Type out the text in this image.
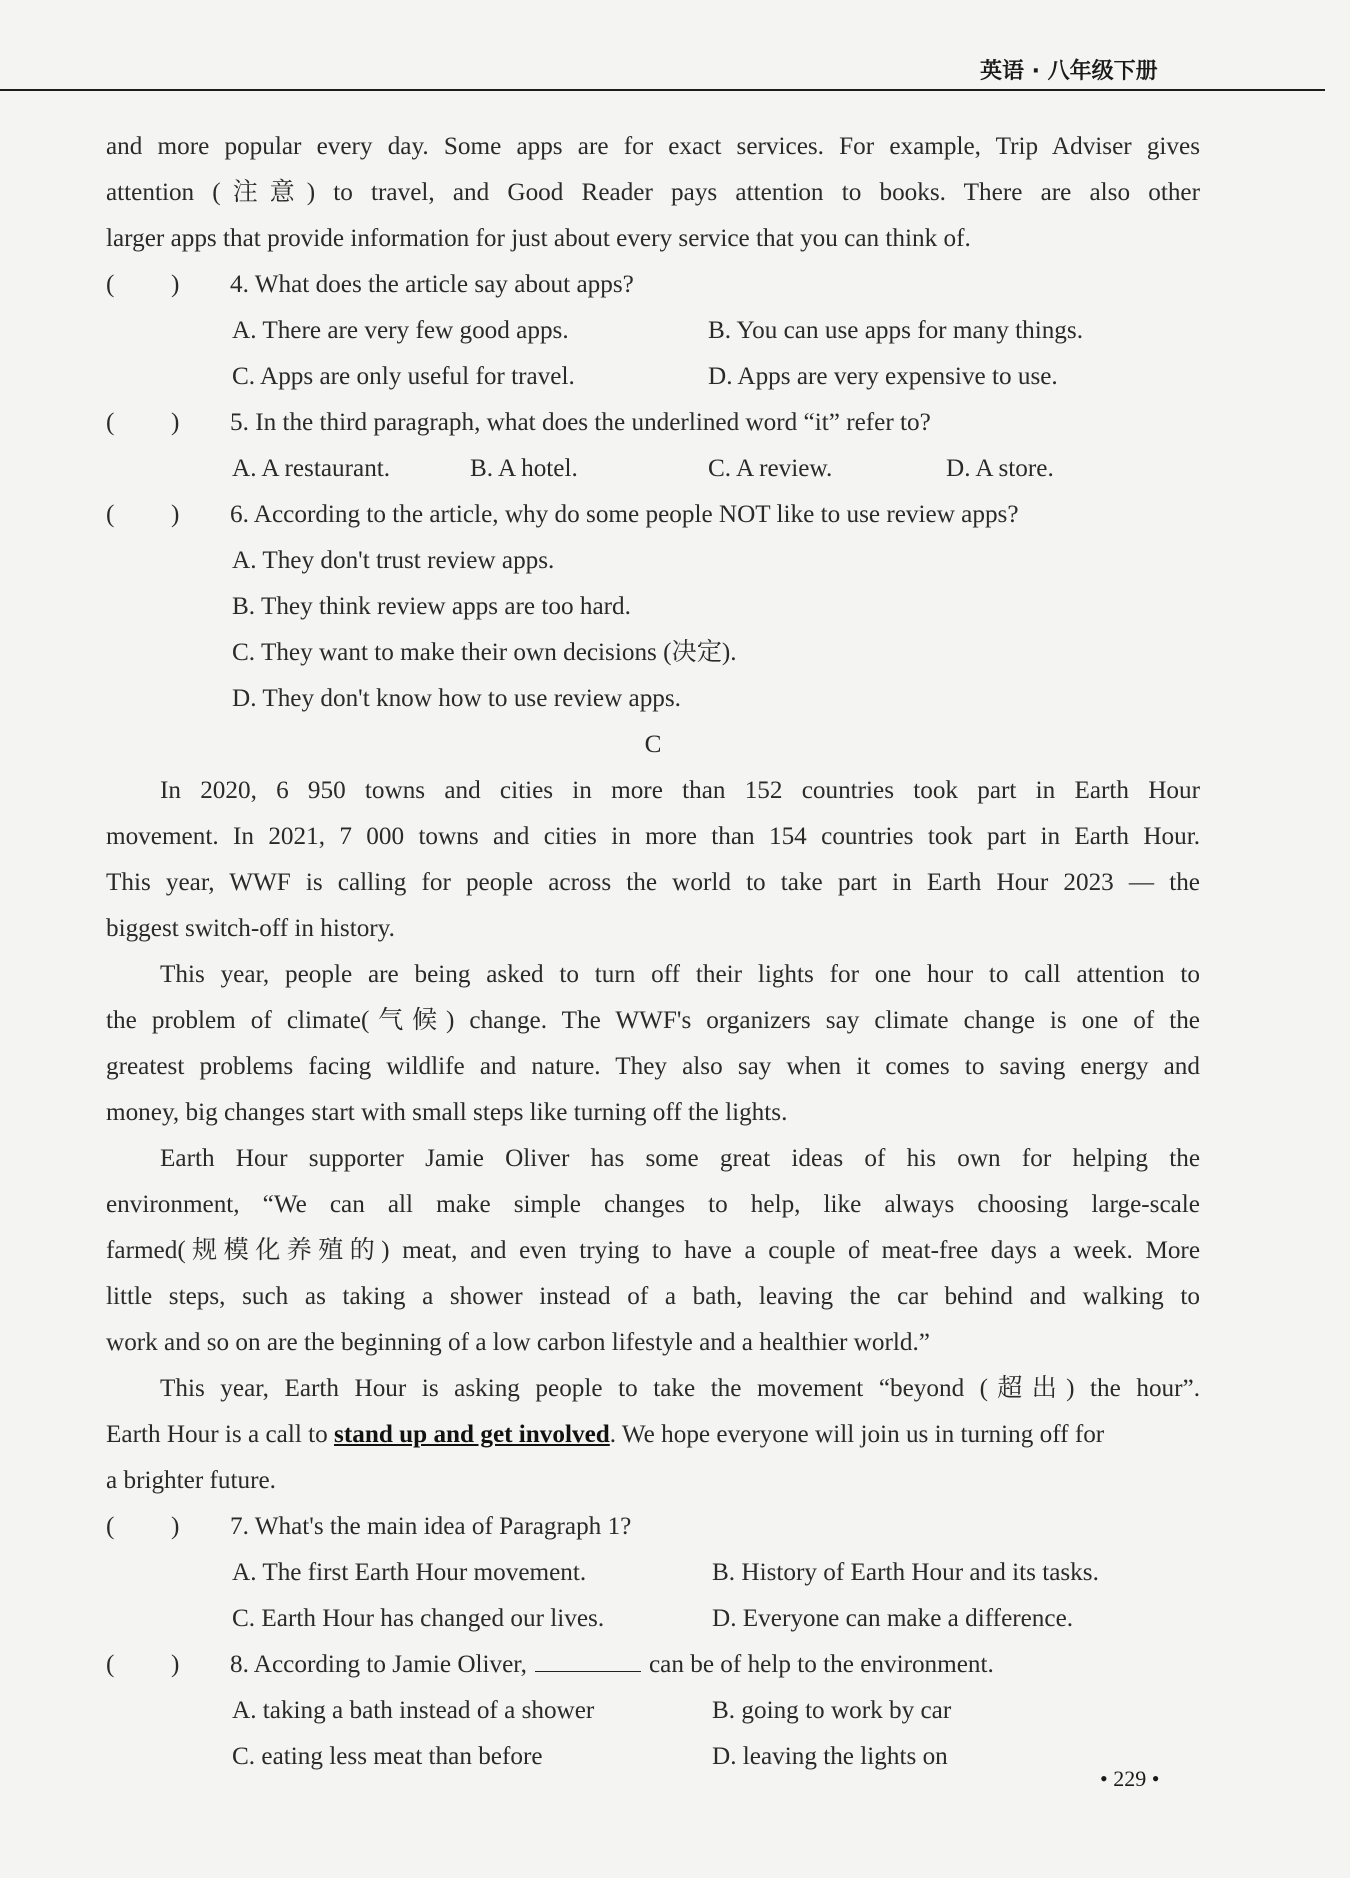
英语 · 八年级下册
and more popular every day. Some apps are for exact services. For example, Trip Adviser gives
attention (注意) to travel, and Good Reader pays attention to books. There are also other
larger apps that provide information for just about every service that you can think of.
( ) 4. What does the article say about apps?
A. There are very few good apps.	B. You can use apps for many things.
C. Apps are only useful for travel.	D. Apps are very expensive to use.
( ) 5. In the third paragraph, what does the underlined word “it” refer to?
A. A restaurant.	B. A hotel.	C. A review.	D. A store.
( ) 6. According to the article, why do some people NOT like to use review apps?
A. They don't trust review apps.
B. They think review apps are too hard.
C. They want to make their own decisions (决定).
D. They don't know how to use review apps.
C
In 2020, 6 950 towns and cities in more than 152 countries took part in Earth Hour
movement. In 2021, 7 000 towns and cities in more than 154 countries took part in Earth Hour.
This year, WWF is calling for people across the world to take part in Earth Hour 2023 — the
biggest switch-off in history.
This year, people are being asked to turn off their lights for one hour to call attention to
the problem of climate(气候) change. The WWF's organizers say climate change is one of the
greatest problems facing wildlife and nature. They also say when it comes to saving energy and
money, big changes start with small steps like turning off the lights.
Earth Hour supporter Jamie Oliver has some great ideas of his own for helping the
environment, “We can all make simple changes to help, like always choosing large-scale
farmed(规模化养殖的) meat, and even trying to have a couple of meat-free days a week. More
little steps, such as taking a shower instead of a bath, leaving the car behind and walking to
work and so on are the beginning of a low carbon lifestyle and a healthier world.”
This year, Earth Hour is asking people to take the movement “beyond (超出) the hour”.
Earth Hour is a call to stand up and get involved. We hope everyone will join us in turning off for
a brighter future.
( ) 7. What's the main idea of Paragraph 1?
A. The first Earth Hour movement.	B. History of Earth Hour and its tasks.
C. Earth Hour has changed our lives.	D. Everyone can make a difference.
( ) 8. According to Jamie Oliver,	can be of help to the environment.
A. taking a bath instead of a shower	B. going to work by car
C. eating less meat than before	D. leaving the lights on
• 229 •
